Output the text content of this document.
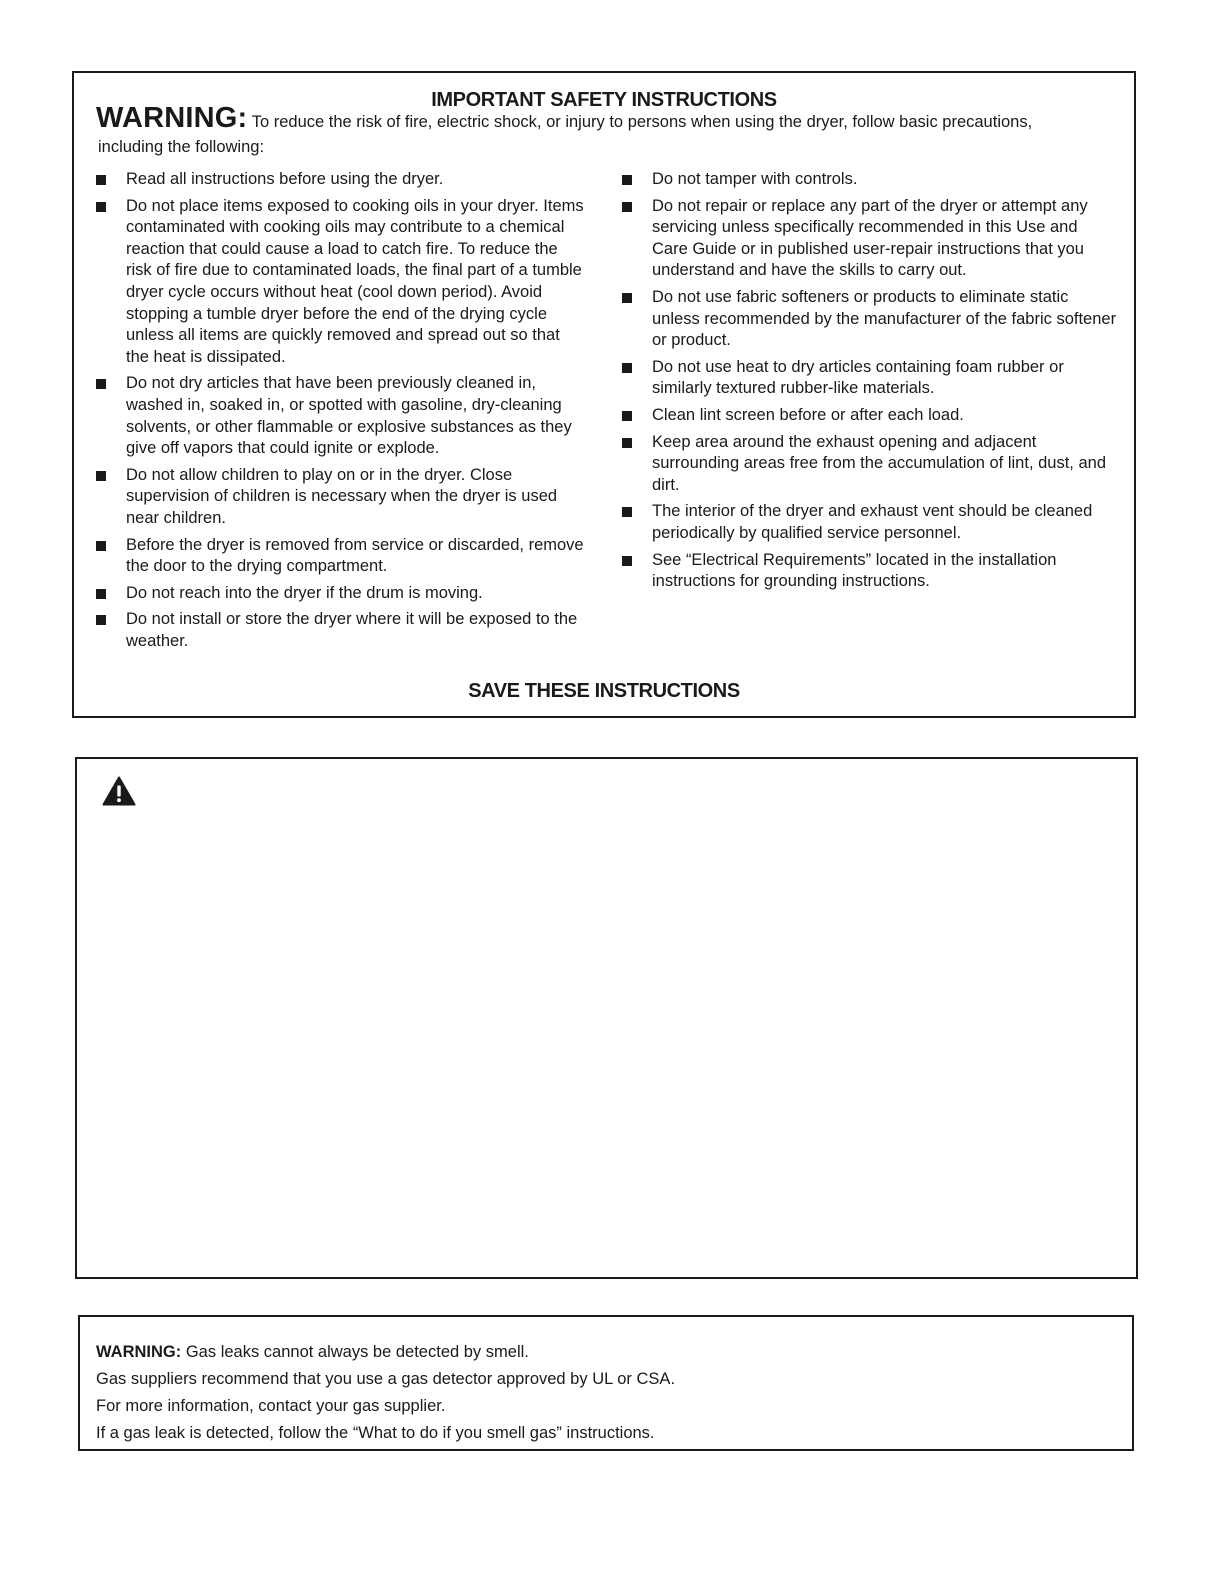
IMPORTANT SAFETY INSTRUCTIONS

WARNING: To reduce the risk of fire, electric shock, or injury to persons when using the dryer, follow basic precautions,

including the following:

Read all instructions before using the dryer.
Do not place items exposed to cooking oils in your dryer. Items contaminated with cooking oils may contribute to a chemical reaction that could cause a load to catch fire. To reduce the risk of fire due to contaminated loads, the final part of a tumble dryer cycle occurs without heat (cool down period). Avoid stopping a tumble dryer before the end of the drying cycle unless all items are quickly removed and spread out so that the heat is dissipated.
Do not dry articles that have been previously cleaned in, washed in, soaked in, or spotted with gasoline, dry-cleaning solvents, or other flammable or explosive substances as they give off vapors that could ignite or explode.
Do not allow children to play on or in the dryer. Close supervision of children is necessary when the dryer is used near children.
Before the dryer is removed from service or discarded, remove the door to the drying compartment.
Do not reach into the dryer if the drum is moving.
Do not install or store the dryer where it will be exposed to the weather.
Do not tamper with controls.
Do not repair or replace any part of the dryer or attempt any servicing unless specifically recommended in this Use and Care Guide or in published user-repair instructions that you understand and have the skills to carry out.
Do not use fabric softeners or products to eliminate static unless recommended by the manufacturer of the fabric softener or product.
Do not use heat to dry articles containing foam rubber or similarly textured rubber-like materials.
Clean lint screen before or after each load.
Keep area around the exhaust opening and adjacent surrounding areas free from the accumulation of lint, dust, and dirt.
The interior of the dryer and exhaust vent should be cleaned periodically by qualified service personnel.
See “Electrical Requirements” located in the installation instructions for grounding instructions.
SAVE THESE INSTRUCTIONS

WARNING: Gas leaks cannot always be detected by smell.

Gas suppliers recommend that you use a gas detector approved by UL or CSA.

For more information, contact your gas supplier.

If a gas leak is detected, follow the “What to do if you smell gas” instructions.
